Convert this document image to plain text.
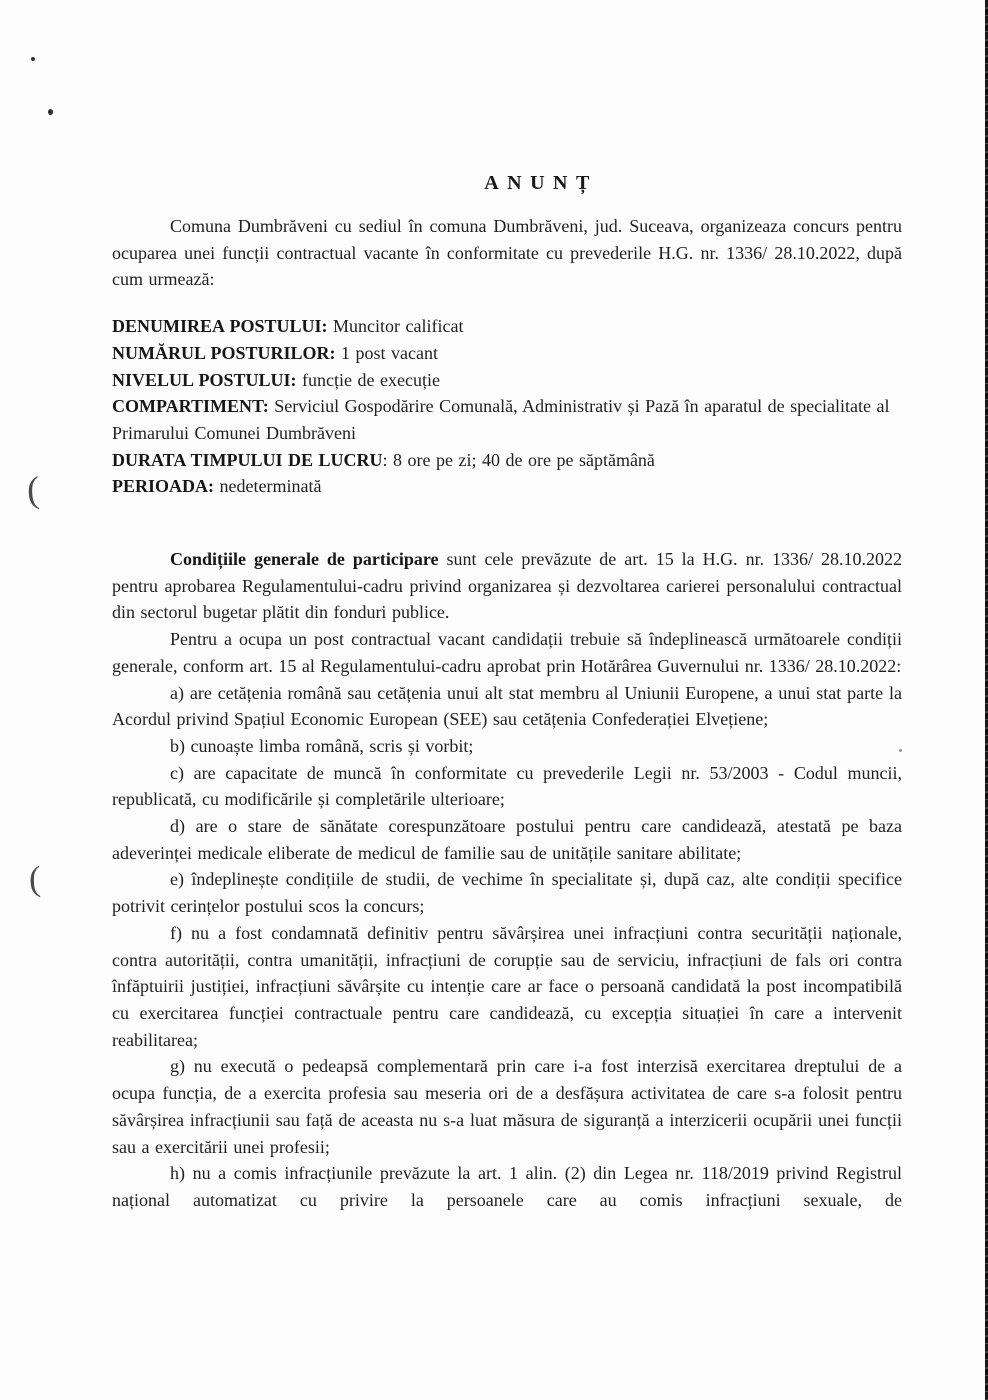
(
(
ANUNȚ

Comuna Dumbrăveni cu sediul în comuna Dumbrăveni, jud. Suceava, organizeaza concurs pentru ocuparea unei funcții contractual vacante în conformitate cu prevederile H.G. nr. 1336/ 28.10.2022, după cum urmează:

DENUMIREA POSTULUI: Muncitor calificat

NUMĂRUL POSTURILOR: 1 post vacant

NIVELUL POSTULUI: funcție de execuție

COMPARTIMENT: Serviciul Gospodărire Comunală, Administrativ și Pază în aparatul de specialitate al Primarului Comunei Dumbrăveni

DURATA TIMPULUI DE LUCRU: 8 ore pe zi; 40 de ore pe săptămână

PERIOADA: nedeterminată

Condițiile generale de participare sunt cele prevăzute de art. 15 la H.G. nr. 1336/ 28.10.2022 pentru aprobarea Regulamentului-cadru privind organizarea și dezvoltarea carierei personalului contractual din sectorul bugetar plătit din fonduri publice.

Pentru a ocupa un post contractual vacant candidații trebuie să îndeplinească următoarele condiții generale, conform art. 15 al Regulamentului-cadru aprobat prin Hotărârea Guvernului nr. 1336/ 28.10.2022:

a) are cetățenia română sau cetățenia unui alt stat membru al Uniunii Europene, a unui stat parte la Acordul privind Spațiul Economic European (SEE) sau cetățenia Confederației Elvețiene;

b) cunoaște limba română, scris și vorbit;

c) are capacitate de muncă în conformitate cu prevederile Legii nr. 53/2003 - Codul muncii, republicată, cu modificările și completările ulterioare;

d) are o stare de sănătate corespunzătoare postului pentru care candidează, atestată pe baza adeverinței medicale eliberate de medicul de familie sau de unitățile sanitare abilitate;

e) îndeplinește condițiile de studii, de vechime în specialitate și, după caz, alte condiții specifice potrivit cerințelor postului scos la concurs;

f) nu a fost condamnată definitiv pentru săvârșirea unei infracțiuni contra securității naționale, contra autorității, contra umanității, infracțiuni de corupție sau de serviciu, infracțiuni de fals ori contra înfăptuirii justiției, infracțiuni săvârșite cu intenție care ar face o persoană candidată la post incompatibilă cu exercitarea funcției contractuale pentru care candidează, cu excepția situației în care a intervenit reabilitarea;

g) nu execută o pedeapsă complementară prin care i-a fost interzisă exercitarea dreptului de a ocupa funcția, de a exercita profesia sau meseria ori de a desfășura activitatea de care s-a folosit pentru săvârșirea infracțiunii sau față de aceasta nu s-a luat măsura de siguranță a interzicerii ocupării unei funcții sau a exercitării unei profesii;

h) nu a comis infracțiunile prevăzute la art. 1 alin. (2) din Legea nr. 118/2019 privind Registrul național automatizat cu privire la persoanele care au comis infracțiuni sexuale, de
